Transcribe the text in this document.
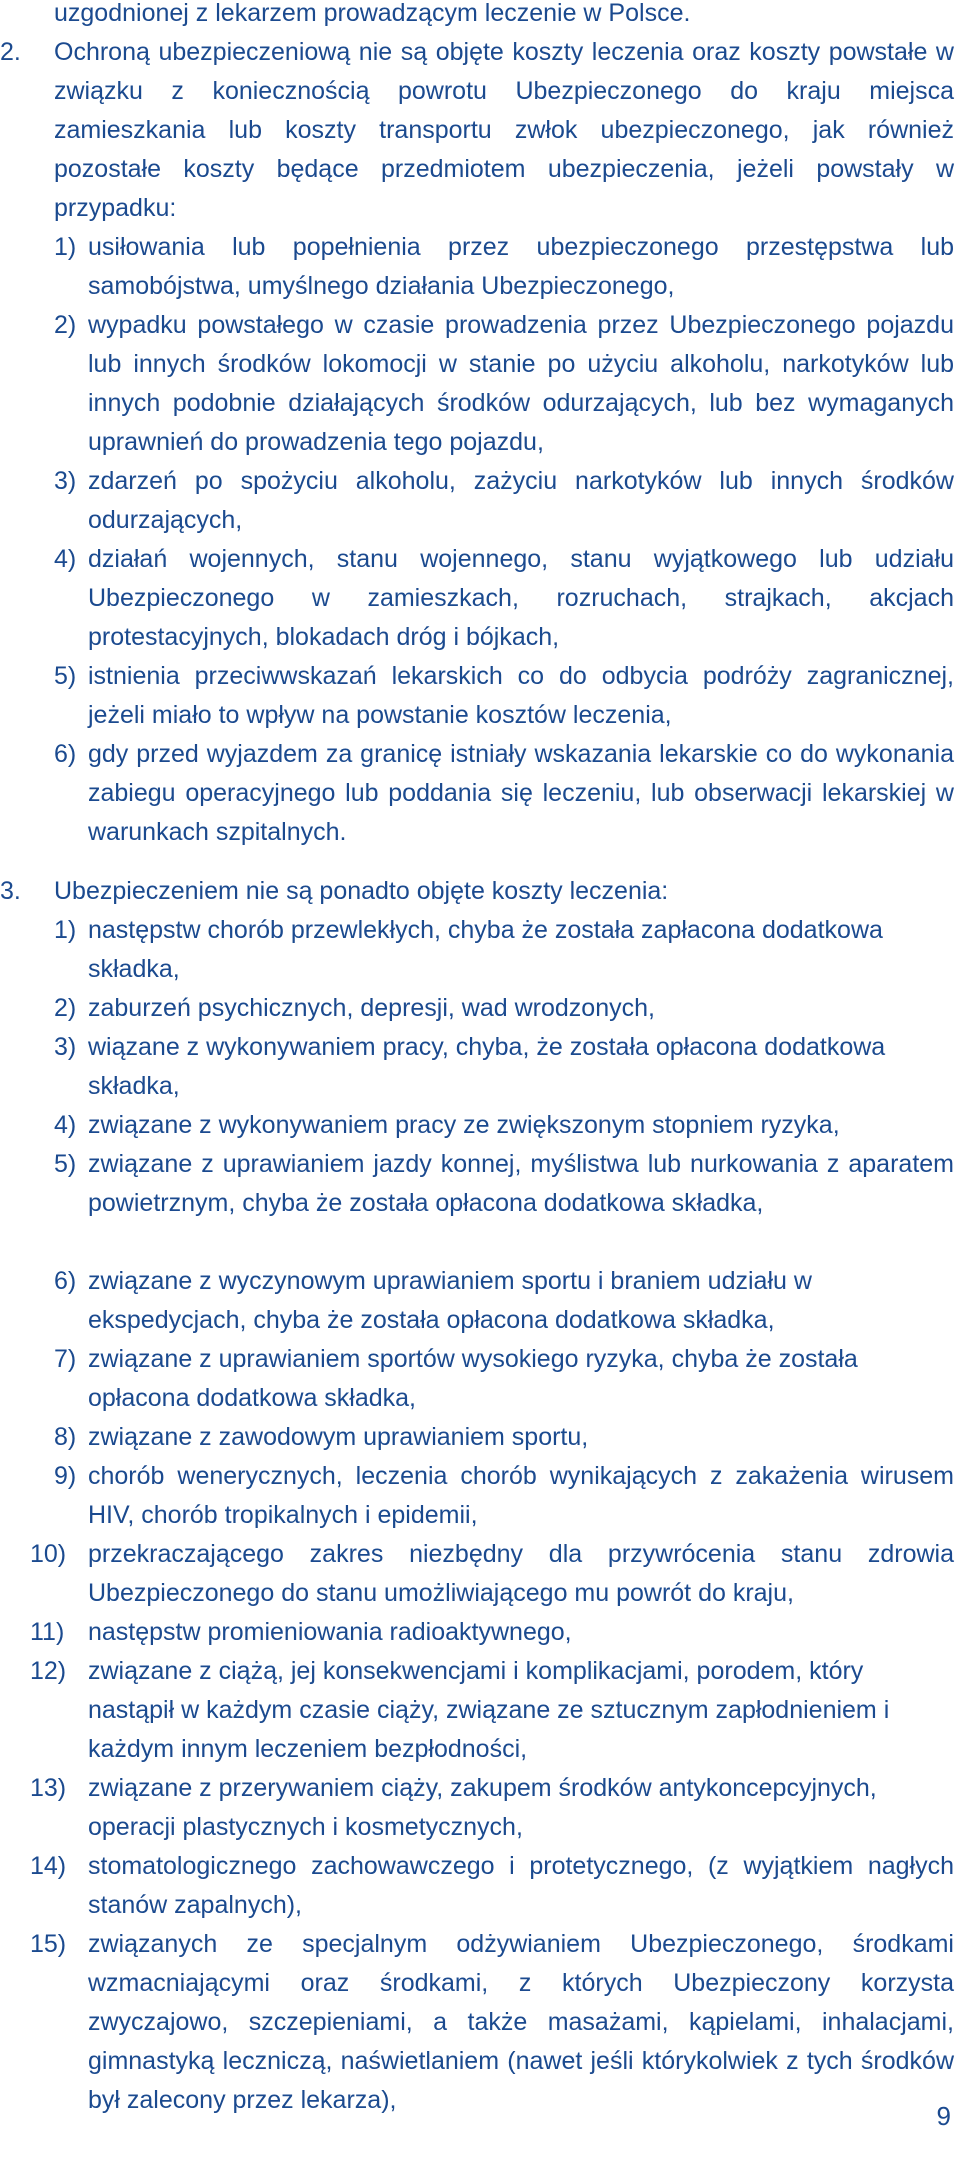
uzgodnionej z lekarzem prowadzącym leczenie w Polsce.

2. Ochroną ubezpieczeniową nie są objęte koszty leczenia oraz koszty powstałe w związku z koniecznością powrotu Ubezpieczonego do kraju miejsca zamieszkania lub koszty transportu zwłok ubezpieczonego, jak również pozostałe koszty będące przedmiotem ubezpieczenia, jeżeli powstały w przypadku:

1) usiłowania lub popełnienia przez ubezpieczonego przestępstwa lub samobójstwa, umyślnego działania Ubezpieczonego,

2) wypadku powstałego w czasie prowadzenia przez Ubezpieczonego pojazdu lub innych środków lokomocji w stanie po użyciu alkoholu, narkotyków lub innych podobnie działających środków odurzających, lub bez wymaganych uprawnień do prowadzenia tego pojazdu,

3) zdarzeń po spożyciu alkoholu, zażyciu narkotyków lub innych środków odurzających,

4) działań wojennych, stanu wojennego, stanu wyjątkowego lub udziału Ubezpieczonego w zamieszkach, rozruchach, strajkach, akcjach protestacyjnych, blokadach dróg i bójkach,

5) istnienia przeciwwskazań lekarskich co do odbycia podróży zagranicznej, jeżeli miało to wpływ na powstanie kosztów leczenia,

6) gdy przed wyjazdem za granicę istniały wskazania lekarskie co do wykonania zabiegu operacyjnego lub poddania się leczeniu, lub obserwacji lekarskiej w warunkach szpitalnych.

3. Ubezpieczeniem nie są ponadto objęte koszty leczenia:

1) następstw chorób przewlekłych, chyba że została zapłacona dodatkowa składka,

2) zaburzeń psychicznych, depresji, wad wrodzonych,

3) wiązane z wykonywaniem pracy, chyba, że została opłacona dodatkowa składka,

4) związane z wykonywaniem pracy ze zwiększonym stopniem ryzyka,

5) związane z uprawianiem jazdy konnej, myślistwa lub nurkowania z aparatem powietrznym, chyba że została opłacona dodatkowa składka,

6) związane z wyczynowym uprawianiem sportu i braniem udziału w ekspedycjach, chyba że została opłacona dodatkowa składka,

7) związane z uprawianiem sportów wysokiego ryzyka, chyba że została opłacona dodatkowa składka,

8) związane z zawodowym uprawianiem sportu,

9) chorób wenerycznych, leczenia chorób wynikających z zakażenia wirusem HIV, chorób tropikalnych i epidemii,

10) przekraczającego zakres niezbędny dla przywrócenia stanu zdrowia Ubezpieczonego do stanu umożliwiającego mu powrót do kraju,

11) następstw promieniowania radioaktywnego,

12) związane z ciążą, jej konsekwencjami i komplikacjami, porodem, który nastąpił w każdym czasie ciąży, związane ze sztucznym zapłodnieniem i każdym innym leczeniem bezpłodności,

13) związane z przerywaniem ciąży, zakupem środków antykoncepcyjnych, operacji plastycznych i kosmetycznych,

14) stomatologicznego zachowawczego i protetycznego, (z wyjątkiem nagłych stanów zapalnych),

15) związanych ze specjalnym odżywianiem Ubezpieczonego, środkami wzmacniającymi oraz środkami, z których Ubezpieczony korzysta zwyczajowo, szczepieniami, a także masażami, kąpielami, inhalacjami, gimnastyką leczniczą, naświetlaniem (nawet jeśli którykolwiek z tych środków był zalecony przez lekarza),

9
